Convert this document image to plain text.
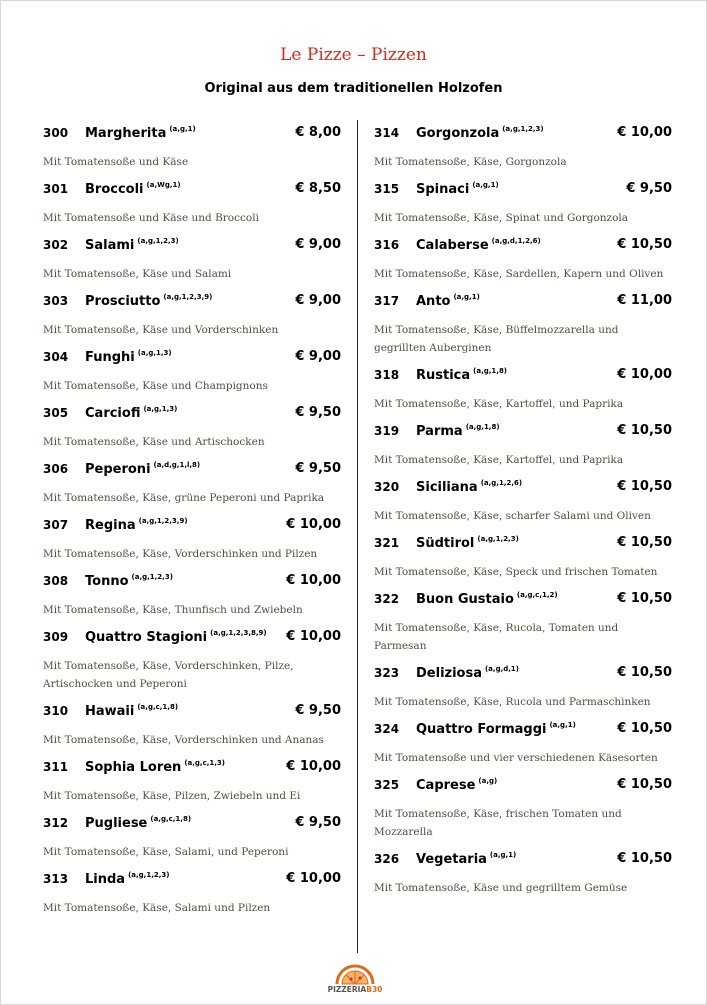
Le Pizze – Pizzen
Original aus dem traditionellen Holzofen
300 Margherita $^{(a,g,1)}$	€ 8,00
Mit Tomatensoße und Käse
301 Broccoli $^{(a,Wg,1)}$	€ 8,50
Mit Tomatensoße und Käse und Broccoli
302 Salami $^{(a,g,1,2,3)}$	€ 9,00
Mit Tomatensoße, Käse und Salami
303 Prosciutto $^{(a,g,1,2,3,9)}$	€ 9,00
Mit Tomatensoße, Käse und Vorderschinken
304 Funghi $^{(a,g,1,3)}$	€ 9,00
Mit Tomatensoße, Käse und Champignons
305 Carciofi $^{(a,g,1,3)}$	€ 9,50
Mit Tomatensoße, Käse und Artischocken
306 Peperoni $^{(a,d,g,1,l,8)}$	€ 9,50
Mit Tomatensoße, Käse, grüne Peperoni und Paprika
307 Regina $^{(a,g,1,2,3,9)}$	€ 10,00
Mit Tomatensoße, Käse, Vorderschinken und Pilzen
308 Tonno $^{(a,g,1,2,3)}$	€ 10,00
Mit Tomatensoße, Käse, Thunfisch und Zwiebeln
309 Quattro Stagioni $^{(a,g,1,2,3,8,9)}$ € 10,00
Mit Tomatensoße, Käse, Vorderschinken, Pilze, Artischocken und Peperoni
310 Hawaii $^{(a,g,c,1,8)}$	€ 9,50
Mit Tomatensoße, Käse, Vorderschinken und Ananas
311 Sophia Loren $^{(a,g,c,1,3)}$	€ 10,00
Mit Tomatensoße, Käse, Pilzen, Zwiebeln und Ei
312 Pugliese $^{(a,g,c,1,8)}$	€ 9,50
Mit Tomatensoße, Käse, Salami, und Peperoni
313 Linda $^{(a,g,1,2,3)}$	€ 10,00
Mit Tomatensoße, Käse, Salami und Pilzen
314 Gorgonzola $^{(a,g,1,2,3)}$	€ 10,00
Mit Tomatensoße, Käse, Gorgonzola
315 Spinaci $^{(a,g,1)}$	€ 9,50
Mit Tomatensoße, Käse, Spinat und Gorgonzola
316 Calaberse $^{(a,g,d,1,2,6)}$	€ 10,50
Mit Tomatensoße, Käse, Sardellen, Kapern und Oliven
317 Anto $^{(a,g,1)}$	€ 11,00
Mit Tomatensoße, Käse, Büffelmozzarella und gegrillten Auberginen
318 Rustica $^{(a,g,1,8)}$	€ 10,00
Mit Tomatensoße, Käse, Kartoffel, und Paprika
319 Parma $^{(a,g,1,8)}$	€ 10,50
Mit Tomatensoße, Käse, Kartoffel, und Paprika
320 Siciliana $^{(a,g,1,2,6)}$	€ 10,50
Mit Tomatensoße, Käse, scharfer Salami und Oliven
321 Südtirol $^{(a,g,1,2,3)}$	€ 10,50
Mit Tomatensoße, Käse, Speck und frischen Tomaten
322 Buon Gustaio $^{(a,g,c,1,2)}$	€ 10,50
Mit Tomatensoße, Käse, Rucola, Tomaten und Parmesan
323 Deliziosa $^{(a,g,d,1)}$	€ 10,50
Mit Tomatensoße, Käse, Rucola und Parmaschinken
324 Quattro Formaggi $^{(a,g,1)}$	€ 10,50
Mit Tomatensoße und vier verschiedenen Käsesorten
325 Caprese $^{(a,g)}$	€ 10,50
Mit Tomatensoße, Käse, frischen Tomaten und Mozzarella
326 Vegetaria $^{(a,g,1)}$	€ 10,50
Mit Tomatensoße, Käse und gegrilltem Gemüse
PIZZERIAB30
